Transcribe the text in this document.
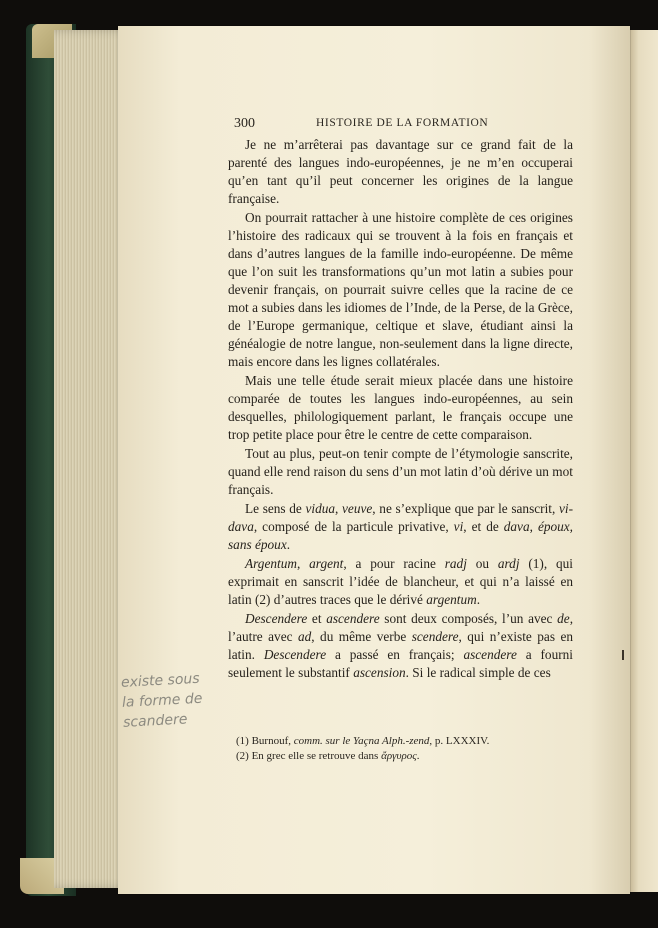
300	HISTOIRE DE LA FORMATION

Je ne m’arrêterai pas davantage sur ce grand fait de la parenté des langues indo-européennes, je ne m’en occuperai qu’en tant qu’il peut concerner les origines de la langue française.

On pourrait rattacher à une histoire complète de ces origines l’histoire des radicaux qui se trouvent à la fois en français et dans d’autres langues de la famille indo-européenne. De même que l’on suit les transformations qu’un mot latin a subies pour devenir français, on pourrait suivre celles que la racine de ce mot a subies dans les idiomes de l’Inde, de la Perse, de la Grèce, de l’Europe germanique, celtique et slave, étudiant ainsi la généalogie de notre langue, non-seulement dans la ligne directe, mais encore dans les lignes collatérales.

Mais une telle étude serait mieux placée dans une histoire comparée de toutes les langues indo-européennes, au sein desquelles, philologiquement parlant, le français occupe une trop petite place pour être le centre de cette comparaison.

Tout au plus, peut-on tenir compte de l’étymologie sanscrite, quand elle rend raison du sens d’un mot latin d’où dérive un mot français.

Le sens de vidua, veuve, ne s’explique que par le sanscrit, vi-dava, composé de la particule privative, vi, et de dava, époux, sans époux.

Argentum, argent, a pour racine radj ou ardj (1), qui exprimait en sanscrit l’idée de blancheur, et qui n’a laissé en latin (2) d’autres traces que le dérivé argentum.

Descendere et ascendere sont deux composés, l’un avec de, l’autre avec ad, du même verbe scendere, qui n’existe pas en latin. Descendere a passé en français; ascendere a fourni seulement le substantif ascension. Si le radical simple de ces

(1) Burnouf, comm. sur le Yaçna Alph.-zend, p. LXXXIV.
(2) En grec elle se retrouve dans ἄργυρος.
existe sous
la forme de
scandere
